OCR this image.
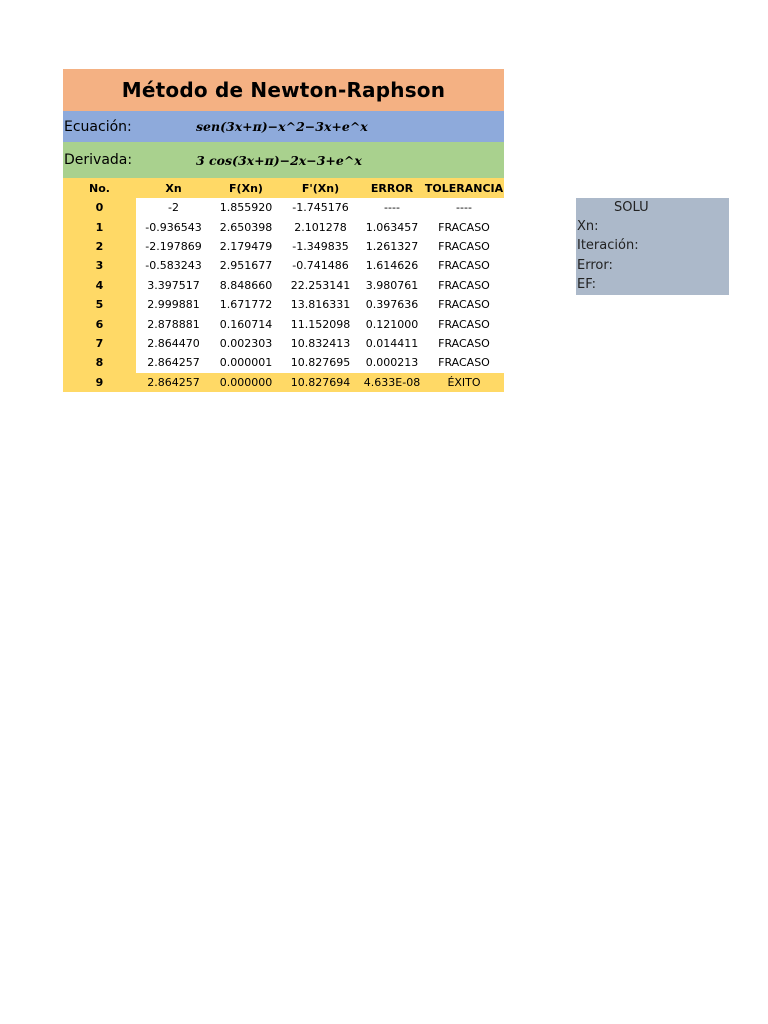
Método de Newton-Raphson
Ecuación:	sen(3x+π)−x^2−3x+e^x
Derivada:	3 cos(3x+π)−2x−3+e^x
No.	Xn	F(Xn)	F'(Xn)	ERROR	TOLERANCIA
0	-2	1.855920	-1.745176	----	----
1	-0.936543	2.650398	2.101278	1.063457	FRACASO
2	-2.197869	2.179479	-1.349835	1.261327	FRACASO
3	-0.583243	2.951677	-0.741486	1.614626	FRACASO
4	3.397517	8.848660	22.253141	3.980761	FRACASO
5	2.999881	1.671772	13.816331	0.397636	FRACASO
6	2.878881	0.160714	11.152098	0.121000	FRACASO
7	2.864470	0.002303	10.832413	0.014411	FRACASO
8	2.864257	0.000001	10.827695	0.000213	FRACASO
9	2.864257	0.000000	10.827694	4.633E-08	ÉXITO
SOLU
Xn:
Iteración:
Error:
EF:
